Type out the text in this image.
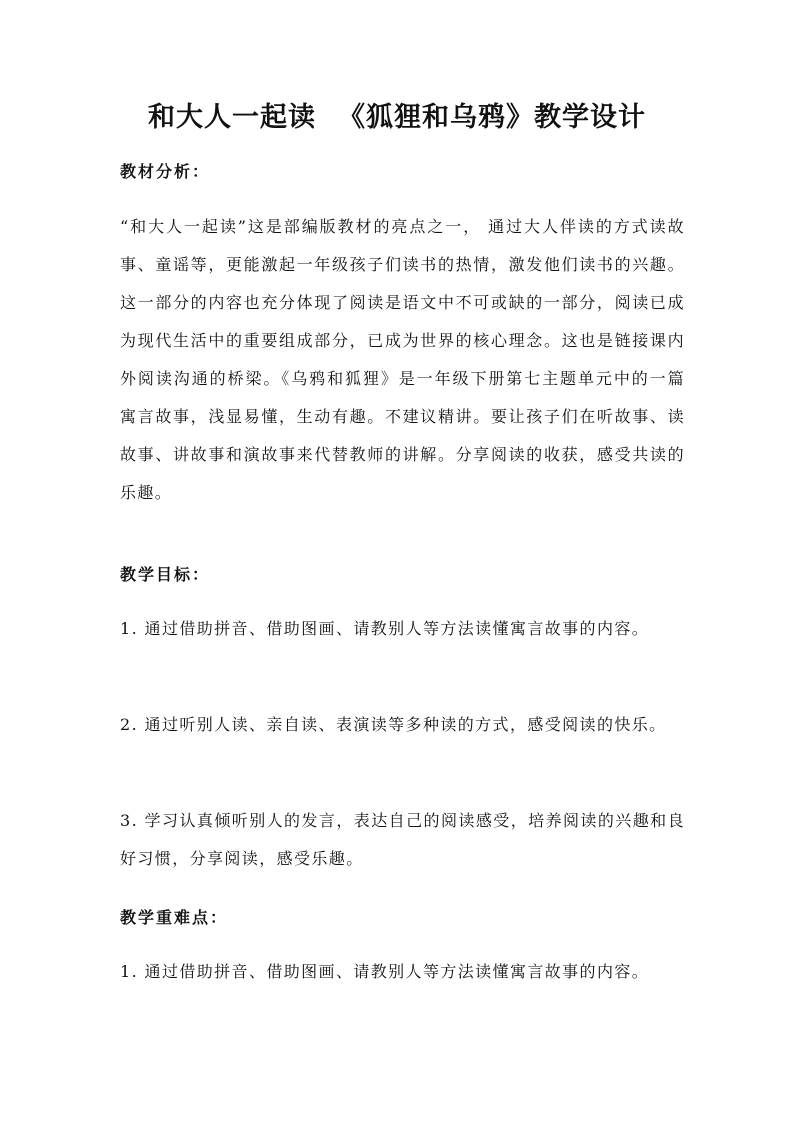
和大人一起读 《狐狸和乌鸦》教学设计
教材分析：
“和大人一起读”这是部编版教材的亮点之一， 通过大人伴读的方式读故事、童谣等，更能激起一年级孩子们读书的热情，激发他们读书的兴趣。这一部分的内容也充分体现了阅读是语文中不可或缺的一部分，阅读已成为现代生活中的重要组成部分，已成为世界的核心理念。这也是链接课内外阅读沟通的桥梁。《乌鸦和狐狸》是一年级下册第七主题单元中的一篇寓言故事，浅显易懂，生动有趣。不建议精讲。要让孩子们在听故事、读故事、讲故事和演故事来代替教师的讲解。分享阅读的收获，感受共读的乐趣。
教学目标：
1. 通过借助拼音、借助图画、请教别人等方法读懂寓言故事的内容。
2. 通过听别人读、亲自读、表演读等多种读的方式，感受阅读的快乐。
3. 学习认真倾听别人的发言，表达自己的阅读感受，培养阅读的兴趣和良好习惯，分享阅读，感受乐趣。
教学重难点：
1. 通过借助拼音、借助图画、请教别人等方法读懂寓言故事的内容。
